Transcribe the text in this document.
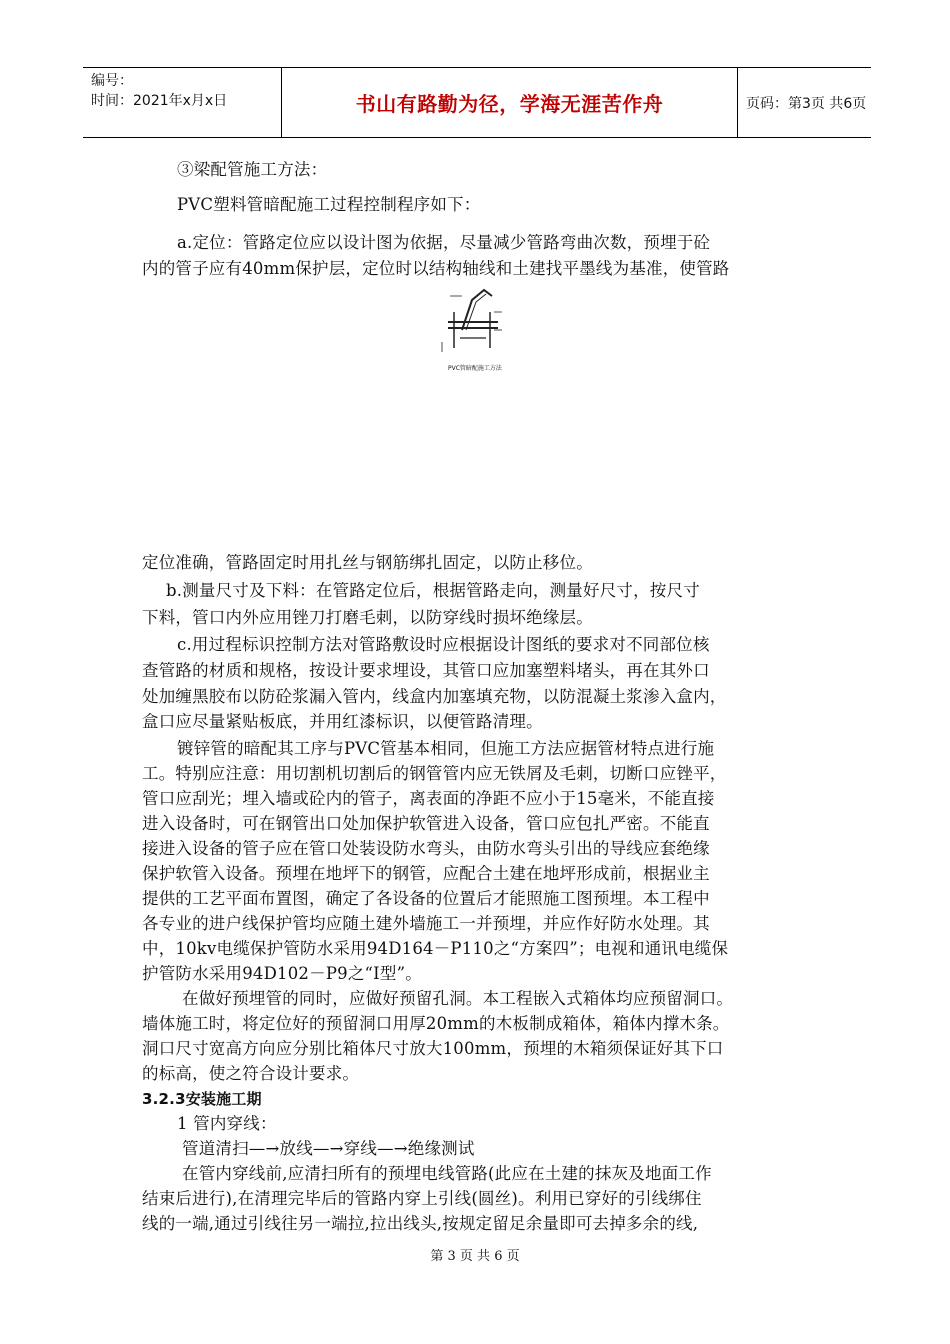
编号：
时间：2021年x月x日	书山有路勤为径，学海无涯苦作舟	页码：第3页 共6页
③梁配管施工方法：
PVC塑料管暗配施工过程控制程序如下：
a.定位：管路定位应以设计图为依据，尽量减少管路弯曲次数，预埋于砼
内的管子应有40mm保护层，定位时以结构轴线和土建找平墨线为基准，使管路
PVC管暗配施工方法
定位准确，管路固定时用扎丝与钢筋绑扎固定，以防止移位。
b.测量尺寸及下料：在管路定位后，根据管路走向，测量好尺寸，按尺寸
下料，管口内外应用锉刀打磨毛刺，以防穿线时损坏绝缘层。
c.用过程标识控制方法对管路敷设时应根据设计图纸的要求对不同部位核
查管路的材质和规格，按设计要求埋设，其管口应加塞塑料堵头，再在其外口
处加缠黑胶布以防砼浆漏入管内，线盒内加塞填充物，以防混凝土浆渗入盒内，
盒口应尽量紧贴板底，并用红漆标识，以便管路清理。
镀锌管的暗配其工序与PVC管基本相同，但施工方法应据管材特点进行施
工。特别应注意：用切割机切割后的钢管管内应无铁屑及毛刺，切断口应锉平，
管口应刮光；埋入墙或砼内的管子，离表面的净距不应小于15毫米，不能直接
进入设备时，可在钢管出口处加保护软管进入设备，管口应包扎严密。不能直
接进入设备的管子应在管口处装设防水弯头，由防水弯头引出的导线应套绝缘
保护软管入设备。预埋在地坪下的钢管，应配合土建在地坪形成前，根据业主
提供的工艺平面布置图，确定了各设备的位置后才能照施工图预埋。本工程中
各专业的进户线保护管均应随土建外墙施工一并预埋，并应作好防水处理。其
中，10kv电缆保护管防水采用94D164－P110之“方案四”；电视和通讯电缆保
护管防水采用94D102－P9之“I型”。
在做好预埋管的同时，应做好预留孔洞。本工程嵌入式箱体均应预留洞口。
墙体施工时，将定位好的预留洞口用厚20mm的木板制成箱体，箱体内撑木条。
洞口尺寸宽高方向应分别比箱体尺寸放大100mm，预埋的木箱须保证好其下口
的标高，使之符合设计要求。
3.2.3安装施工期
1 管内穿线：
管道清扫—→放线—→穿线—→绝缘测试
在管内穿线前,应清扫所有的预埋电线管路(此应在土建的抹灰及地面工作
结束后进行),在清理完毕后的管路内穿上引线(圆丝)。利用已穿好的引线绑住
线的一端,通过引线往另一端拉,拉出线头,按规定留足余量即可去掉多余的线,
第 3 页 共 6 页
